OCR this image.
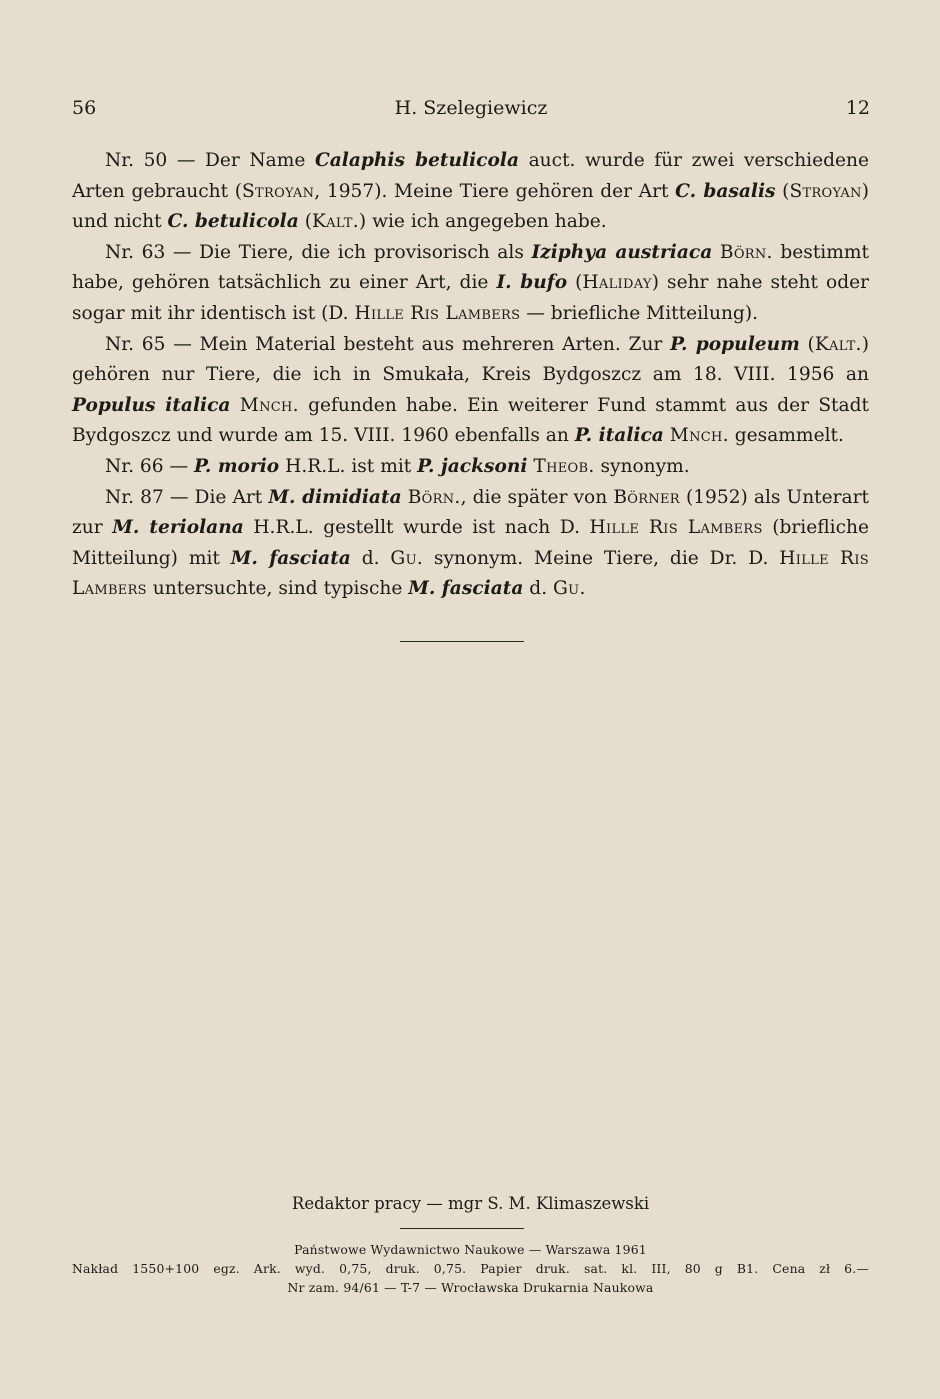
56	H. Szelegiewicz	12

Nr. 50 — Der Name Calaphis betulicola auct. wurde für zwei verschiedene Arten gebraucht (Stroyan, 1957). Meine Tiere gehören der Art C. basalis (Stroyan) und nicht C. betulicola (Kalt.) wie ich angegeben habe.

Nr. 63 — Die Tiere, die ich provisorisch als Iziphya austriaca Börn. bestimmt habe, gehören tatsächlich zu einer Art, die I. bufo (Haliday) sehr nahe steht oder sogar mit ihr identisch ist (D. Hille Ris Lambers — briefliche Mitteilung).

Nr. 65 — Mein Material besteht aus mehreren Arten. Zur P. populeum (Kalt.) gehören nur Tiere, die ich in Smukała, Kreis Bydgoszcz am 18. VIII. 1956 an Populus italica Mnch. gefunden habe. Ein weiterer Fund stammt aus der Stadt Bydgoszcz und wurde am 15. VIII. 1960 ebenfalls an P. italica Mnch. gesammelt.

Nr. 66 — P. morio H.R.L. ist mit P. jacksoni Theob. synonym.

Nr. 87 — Die Art M. dimidiata Börn., die später von Börner (1952) als Unterart zur M. teriolana H.R.L. gestellt wurde ist nach D. Hille Ris Lambers (briefliche Mitteilung) mit M. fasciata d. Gu. synonym. Meine Tiere, die Dr. D. Hille Ris Lambers untersuchte, sind typische M. fasciata d. Gu.

Redaktor pracy — mgr S. M. Klimaszewski
Państwowe Wydawnictwo Naukowe — Warszawa 1961
Nakład 1550+100 egz. Ark. wyd. 0,75, druk. 0,75. Papier druk. sat. kl. III, 80 g B1. Cena zł 6.—
Nr zam. 94/61 — T-7 — Wrocławska Drukarnia Naukowa
